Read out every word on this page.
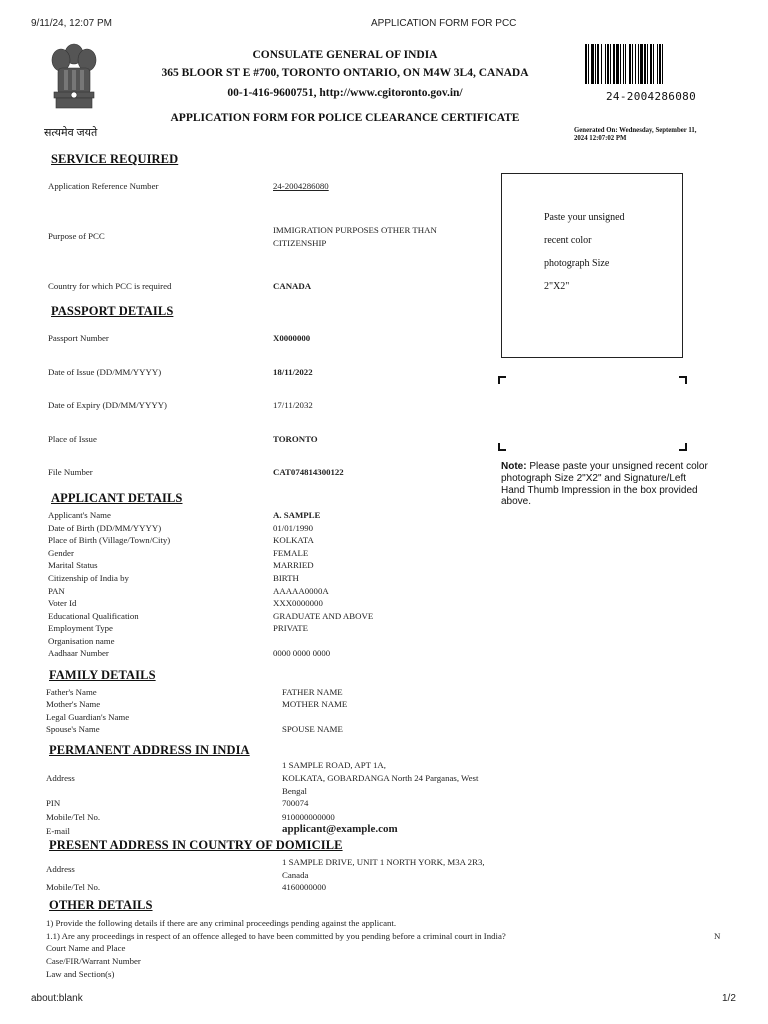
9/11/24, 12:07 PM	APPLICATION FORM FOR PCC
सत्यमेव जयते
CONSULATE GENERAL OF INDIA
365 BLOOR ST E #700, TORONTO ONTARIO, ON M4W 3L4, CANADA
00-1-416-9600751, http://www.cgitoronto.gov.in/
APPLICATION FORM FOR POLICE CLEARANCE CERTIFICATE
24-2004286080
Generated On: Wednesday, September 11,
2024 12:07:02 PM
Paste your unsigned
recent color
photograph Size
2"X2"
Note: Please paste your unsigned recent color
photograph Size 2"X2" and Signature/Left
Hand Thumb Impression in the box provided
above.
SERVICE REQUIRED
Application Reference Number	24-2004286080
Purpose of PCC
IMMIGRATION PURPOSES OTHER THAN
CITIZENSHIP
Country for which PCC is required	CANADA
PASSPORT DETAILS
Passport Number	X0000000
Date of Issue (DD/MM/YYYY)	18/11/2022
Date of Expiry (DD/MM/YYYY)	17/11/2032
Place of Issue	TORONTO
File Number	CAT074814300122
APPLICANT DETAILS
Applicant's Name	A. SAMPLE
Date of Birth (DD/MM/YYYY)	01/01/1990
Place of Birth (Village/Town/City)	KOLKATA
Gender	FEMALE
Marital Status	MARRIED
Citizenship of India by	BIRTH
PAN	AAAAA0000A
Voter Id	XXX0000000
Educational Qualification	GRADUATE AND ABOVE
Employment Type	PRIVATE
Organisation name
Aadhaar Number	0000 0000 0000
FAMILY DETAILS
Father's Name	FATHER NAME
Mother's Name	MOTHER NAME
Legal Guardian's Name
Spouse's Name	SPOUSE NAME
PERMANENT ADDRESS IN INDIA
Address
1 SAMPLE ROAD, APT 1A,
KOLKATA, GOBARDANGA North 24 Parganas, West
Bengal
PIN	700074
Mobile/Tel No.	910000000000
E-mail	applicant@example.com
PRESENT ADDRESS IN COUNTRY OF DOMICILE
Address
1 SAMPLE DRIVE, UNIT 1 NORTH YORK, M3A 2R3,
Canada
Mobile/Tel No.	4160000000
OTHER DETAILS
1) Provide the following details if there are any criminal proceedings pending against the applicant.
1.1) Are any proceedings in respect of an offence alleged to have been committed by you pending before a criminal court in India?	N
Court Name and Place
Case/FIR/Warrant Number
Law and Section(s)
about:blank	1/2
